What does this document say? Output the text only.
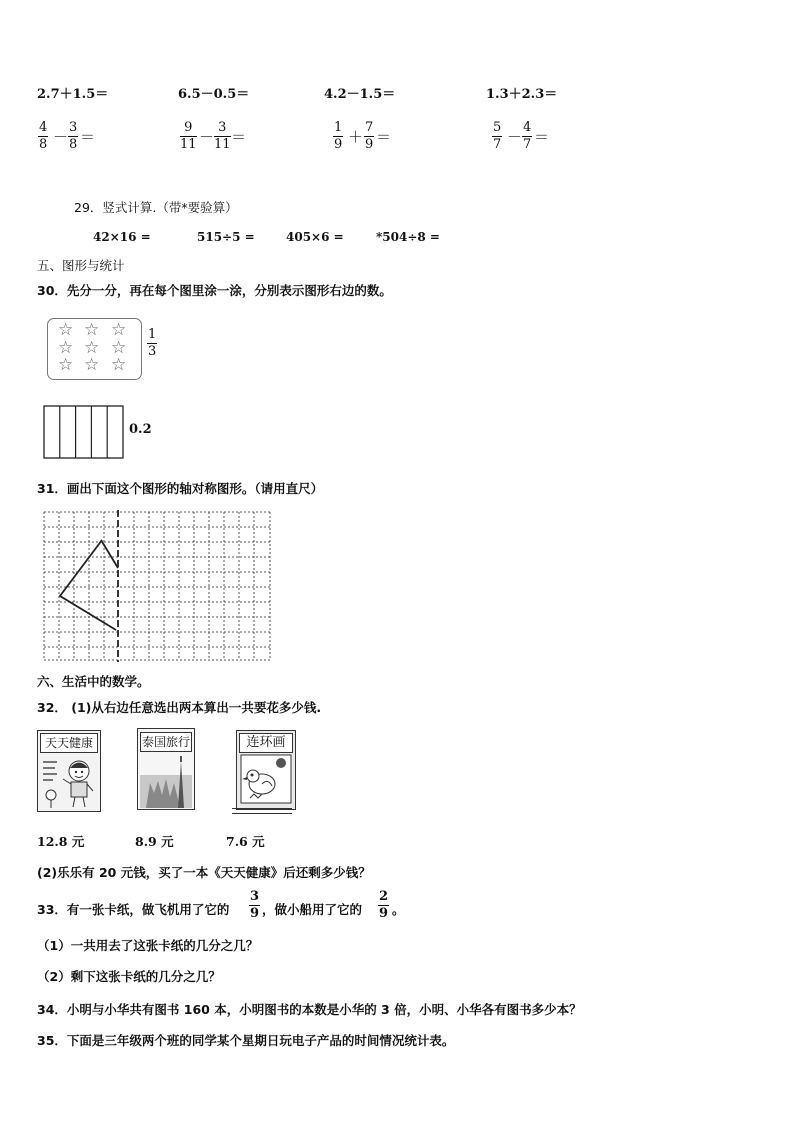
2.7＋1.5＝	6.5－0.5＝	4.2－1.5＝	1.3＋2.3＝
$\frac{4}{8} - \frac{3}{8}$ ＝	$\frac{9}{11} - \frac{3}{11}$ ＝	$\frac{1}{9} + \frac{7}{9}$ ＝	$\frac{5}{7} - \frac{4}{7}$ ＝
29．竖式计算.（带*要验算）
42×16 =	515÷5 =	405×6 =	*504÷8 =
五、图形与统计
30．先分一分，再在每个图里涂一涂，分别表示图形右边的数。
☆ ☆ ☆
☆ ☆ ☆
☆ ☆ ☆
$\frac{1}{3}$
0.2
31．画出下面这个图形的轴对称图形。（请用直尺）
六、生活中的数学。
32． (1)从右边任意选出两本算出一共要花多少钱.
天天健康
12.8 元
泰国旅行
8.9 元
连环画
7.6 元
(2)乐乐有 20 元钱，买了一本《天天健康》后还剩多少钱？
33．有一张卡纸，做飞机用了它的 $\frac{3}{9}$ ，做小船用了它的 $\frac{2}{9}$ 。
（1）一共用去了这张卡纸的几分之几？
（2）剩下这张卡纸的几分之几？
34．小明与小华共有图书 160 本，小明图书的本数是小华的 3 倍，小明、小华各有图书多少本？
35．下面是三年级两个班的同学某个星期日玩电子产品的时间情况统计表。
